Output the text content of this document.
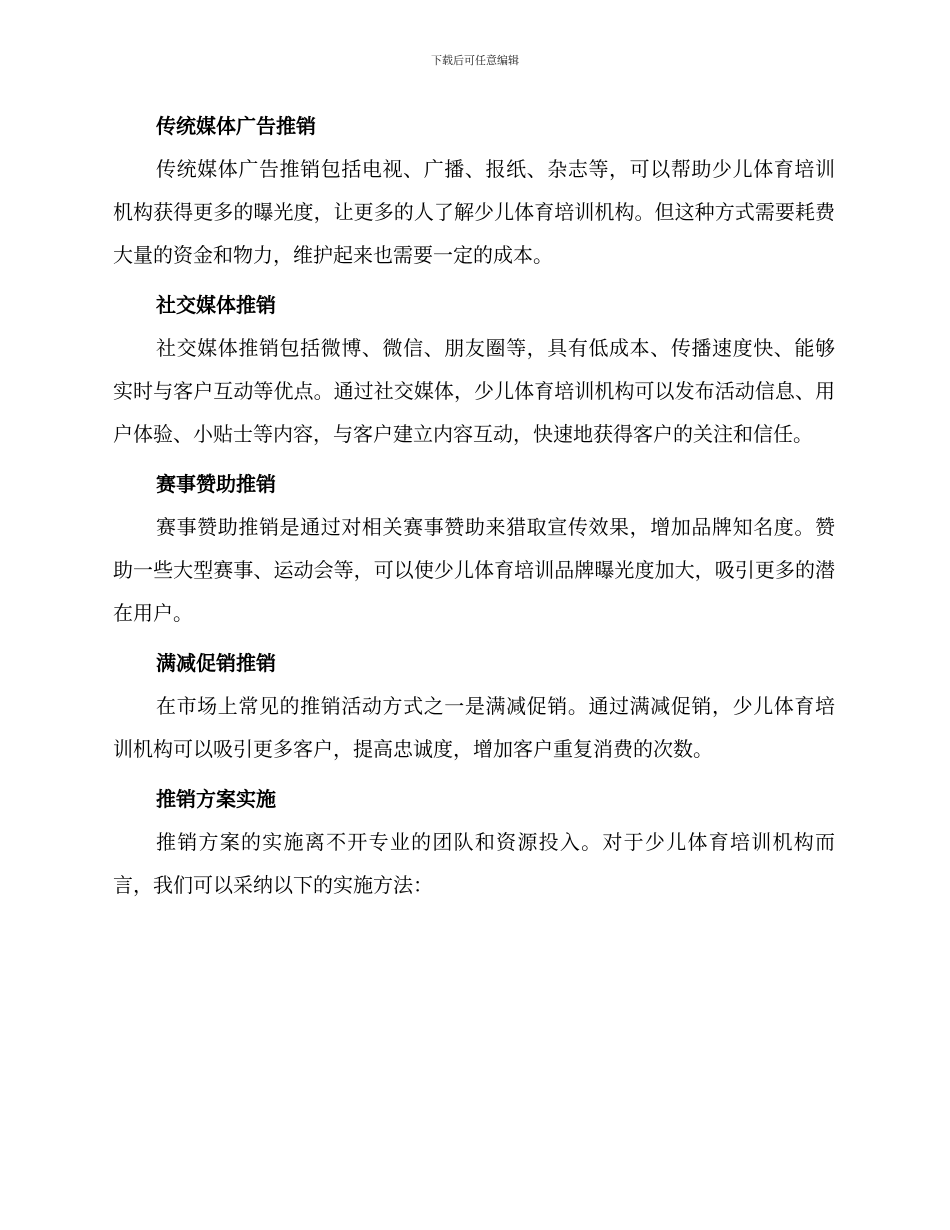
下载后可任意编辑
传统媒体广告推销

传统媒体广告推销包括电视、广播、报纸、杂志等，可以帮助少儿体育培训机构获得更多的曝光度，让更多的人了解少儿体育培训机构。但这种方式需要耗费大量的资金和物力，维护起来也需要一定的成本。

社交媒体推销

社交媒体推销包括微博、微信、朋友圈等，具有低成本、传播速度快、能够实时与客户互动等优点。通过社交媒体，少儿体育培训机构可以发布活动信息、用户体验、小贴士等内容，与客户建立内容互动，快速地获得客户的关注和信任。

赛事赞助推销

赛事赞助推销是通过对相关赛事赞助来猎取宣传效果，增加品牌知名度。赞助一些大型赛事、运动会等，可以使少儿体育培训品牌曝光度加大，吸引更多的潜在用户。

满减促销推销

在市场上常见的推销活动方式之一是满减促销。通过满减促销，少儿体育培训机构可以吸引更多客户，提高忠诚度，增加客户重复消费的次数。

推销方案实施

推销方案的实施离不开专业的团队和资源投入。对于少儿体育培训机构而言，我们可以采纳以下的实施方法：
